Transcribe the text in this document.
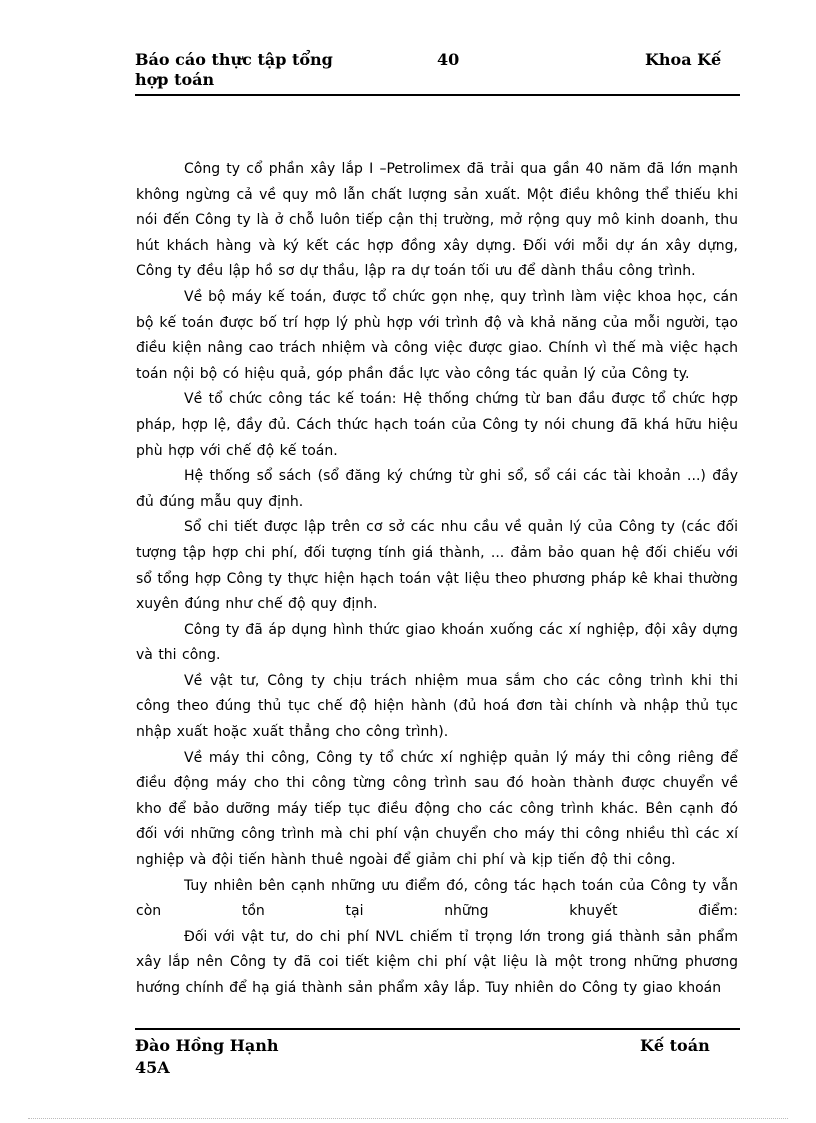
Báo cáo thực tập tổng hợp toán
40	Khoa Kế

Công ty cổ phần xây lắp I –Petrolimex đã trải qua gần 40 năm đã lớn mạnh không ngừng cả về quy mô lẫn chất lượng sản xuất. Một điều không thể thiếu khi nói đến Công ty là ở chỗ luôn tiếp cận thị trường, mở rộng quy mô kinh doanh, thu hút khách hàng và ký kết các hợp đồng xây dựng. Đối với mỗi dự án xây dựng, Công ty đều lập hồ sơ dự thầu, lập ra dự toán tối ưu để dành thầu công trình.

Về bộ máy kế toán, được tổ chức gọn nhẹ, quy trình làm việc khoa học, cán bộ kế toán được bố trí hợp lý phù hợp với trình độ và khả năng của mỗi người, tạo điều kiện nâng cao trách nhiệm và công việc được giao. Chính vì thế mà việc hạch toán nội bộ có hiệu quả, góp phần đắc lực vào công tác quản lý của Công ty.

Về tổ chức công tác kế toán: Hệ thống chứng từ ban đầu được tổ chức hợp pháp, hợp lệ, đầy đủ. Cách thức hạch toán của Công ty nói chung đã khá hữu hiệu phù hợp với chế độ kế toán.

Hệ thống sổ sách (sổ đăng ký chứng từ ghi sổ, sổ cái các tài khoản ...) đầy đủ đúng mẫu quy định.

Sổ chi tiết được lập trên cơ sở các nhu cầu về quản lý của Công ty (các đối tượng tập hợp chi phí, đối tượng tính giá thành, ... đảm bảo quan hệ đối chiếu với sổ tổng hợp Công ty thực hiện hạch toán vật liệu theo phương pháp kê khai thường xuyên đúng như chế độ quy định.

Công ty đã áp dụng hình thức giao khoán xuống các xí nghiệp, đội xây dựng và thi công.

Về vật tư, Công ty chịu trách nhiệm mua sắm cho các công trình khi thi công theo đúng thủ tục chế độ hiện hành (đủ hoá đơn tài chính và nhập thủ tục nhập xuất hoặc xuất thẳng cho công trình).

Về máy thi công, Công ty tổ chức xí nghiệp quản lý máy thi công riêng để điều động máy cho thi công từng công trình sau đó hoàn thành được chuyển về kho để bảo dưỡng máy tiếp tục điều động cho các công trình khác. Bên cạnh đó đối với những công trình mà chi phí vận chuyển cho máy thi công nhiều thì các xí nghiệp và đội tiến hành thuê ngoài để giảm chi phí và kịp tiến độ thi công.

Tuy nhiên bên cạnh những ưu điểm đó, công tác hạch toán của Công ty vẫn còn tồn tại những khuyết điểm:

Đối với vật tư, do chi phí NVL chiếm tỉ trọng lớn trong giá thành sản phẩm xây lắp nên Công ty đã coi tiết kiệm chi phí vật liệu là một trong những phương hướng chính để hạ giá thành sản phẩm xây lắp. Tuy nhiên do Công ty giao khoán

Đào Hồng Hạnh 45A
Kế toán
